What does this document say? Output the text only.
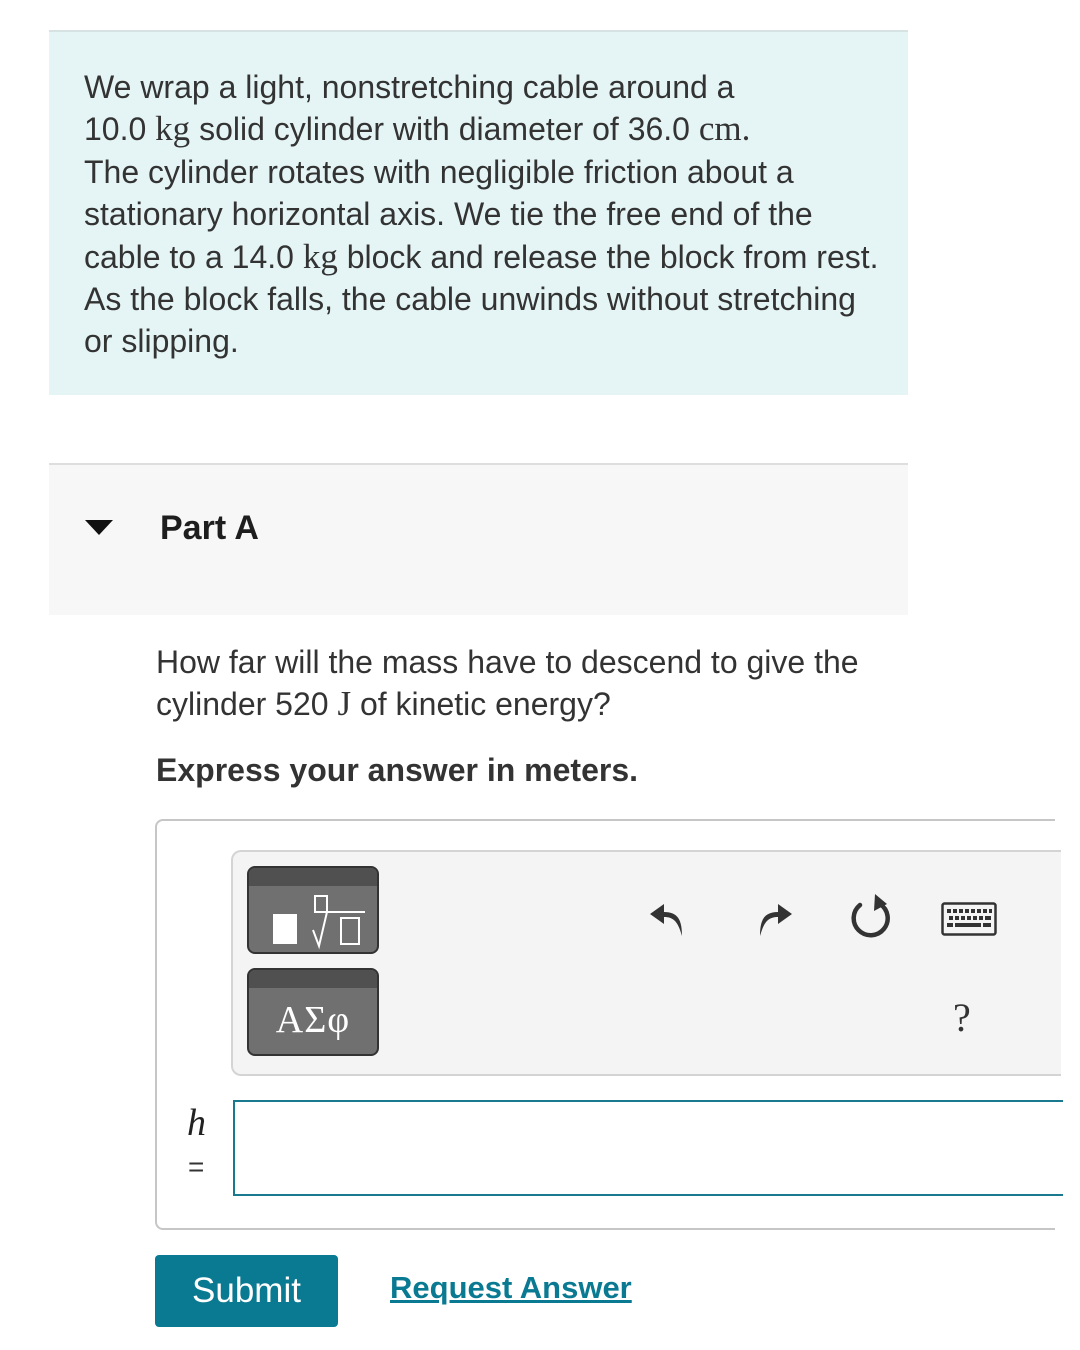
We wrap a light, nonstretching cable around a
10.0 kg solid cylinder with diameter of 36.0 cm.
The cylinder rotates with negligible friction about a stationary horizontal axis. We tie the free end of the cable to a 14.0 kg block and release the block from rest. As the block falls, the cable unwinds without stretching or slipping.
Part A
How far will the mass have to descend to give the cylinder 520 J of kinetic energy?
Express your answer in meters.
ΑΣφ	?
h
=
Submit	Request Answer
